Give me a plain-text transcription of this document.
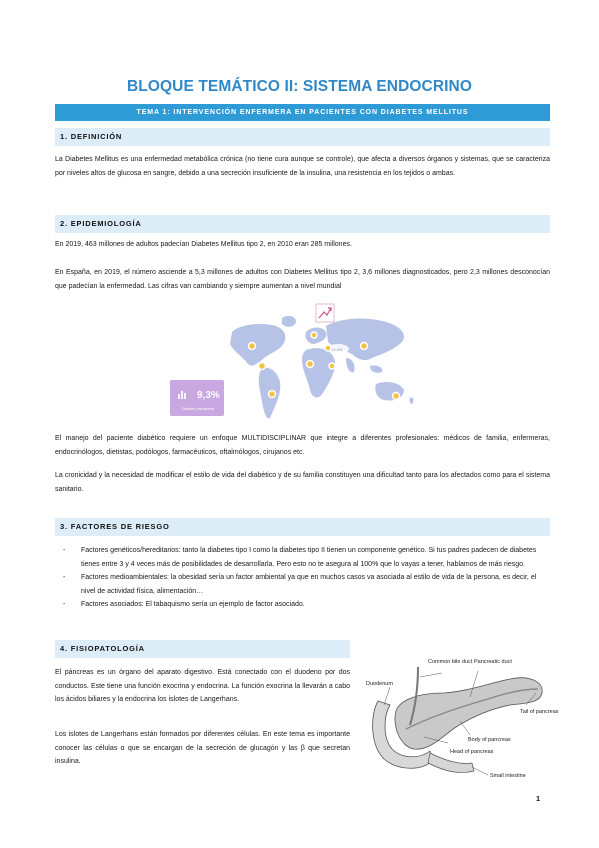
BLOQUE TEMÁTICO II: SISTEMA ENDOCRINO
TEMA 1: INTERVENCIÓN ENFERMERA EN PACIENTES CON DIABETES MELLITUS
1. DEFINICIÓN

La Diabetes Mellitus es una enfermedad metabólica crónica (no tiene cura aunque se controle), que afecta a diversos órganos y sistemas, que se caracteriza por niveles altos de glucosa en sangre, debido a una secreción insuficiente de la insulina, una resistencia en los tejidos o ambas.

2. EPIDEMIOLOGÍA

En 2019, 463 millones de adultos padecían Diabetes Mellitus tipo 2, en 2010 eran 285 millones.

En España, en 2019, el número asciende a 5,3 millones de adultos con Diabetes Mellitus tipo 2, 3,6 millones diagnosticados, pero 2,3 millones desconocían que padecían la enfermedad. Las cifras van cambiando y siempre aumentan a nivel mundial

9,3%
Diabetes prevalence
13,9%

El manejo del paciente diabético requiere un enfoque MULTIDISCIPLINAR que integre a diferentes profesionales: médicos de familia, enfermeras, endocrinólogos, dietistas, podólogos, farmacéuticos, oftalmólogos, cirujanos etc.

La cronicidad y la necesidad de modificar el estilo de vida del diabético y de su familia constituyen una dificultad tanto para los afectados como para el sistema sanitario.

3. FACTORES DE RIESGO
- Factores genéticos/hereditarios: tanto la diabetes tipo I como la diabetes tipo II tienen un componente genético. Si tus padres padecen de diabetes tienes entre 3 y 4 veces más de posibilidades de desarrollarla. Pero esto no te asegura al 100% que lo vayas a tener, hablamos de más riesgo.
- Factores medioambientales: la obesidad sería un factor ambiental ya que en muchos casos va asociada al estilo de vida de la persona, es decir, el nivel de actividad física, alimentación…
- Factores asociados: El tabaquismo sería un ejemplo de factor asociado.
4. FISIOPATOLOGÍA

El páncreas es un órgano del aparato digestivo. Está conectado con el duodeno por dos conductos. Este tiene una función exocrina y endocrina. La función exocrina la llevarán a cabo los ácidos biliares y la endocrina los islotes de Langerhans.

Los islotes de Langerhans están formados por diferentes células. En este tema es importante conocer las células α que se encargan de la secreción de glucagón y las β que secretan insulina.

Common bile duct Pancreatic duct
Duodenum
Tail of pancreas
Body of pancreas
Head of pancreas
Small intestine
1
